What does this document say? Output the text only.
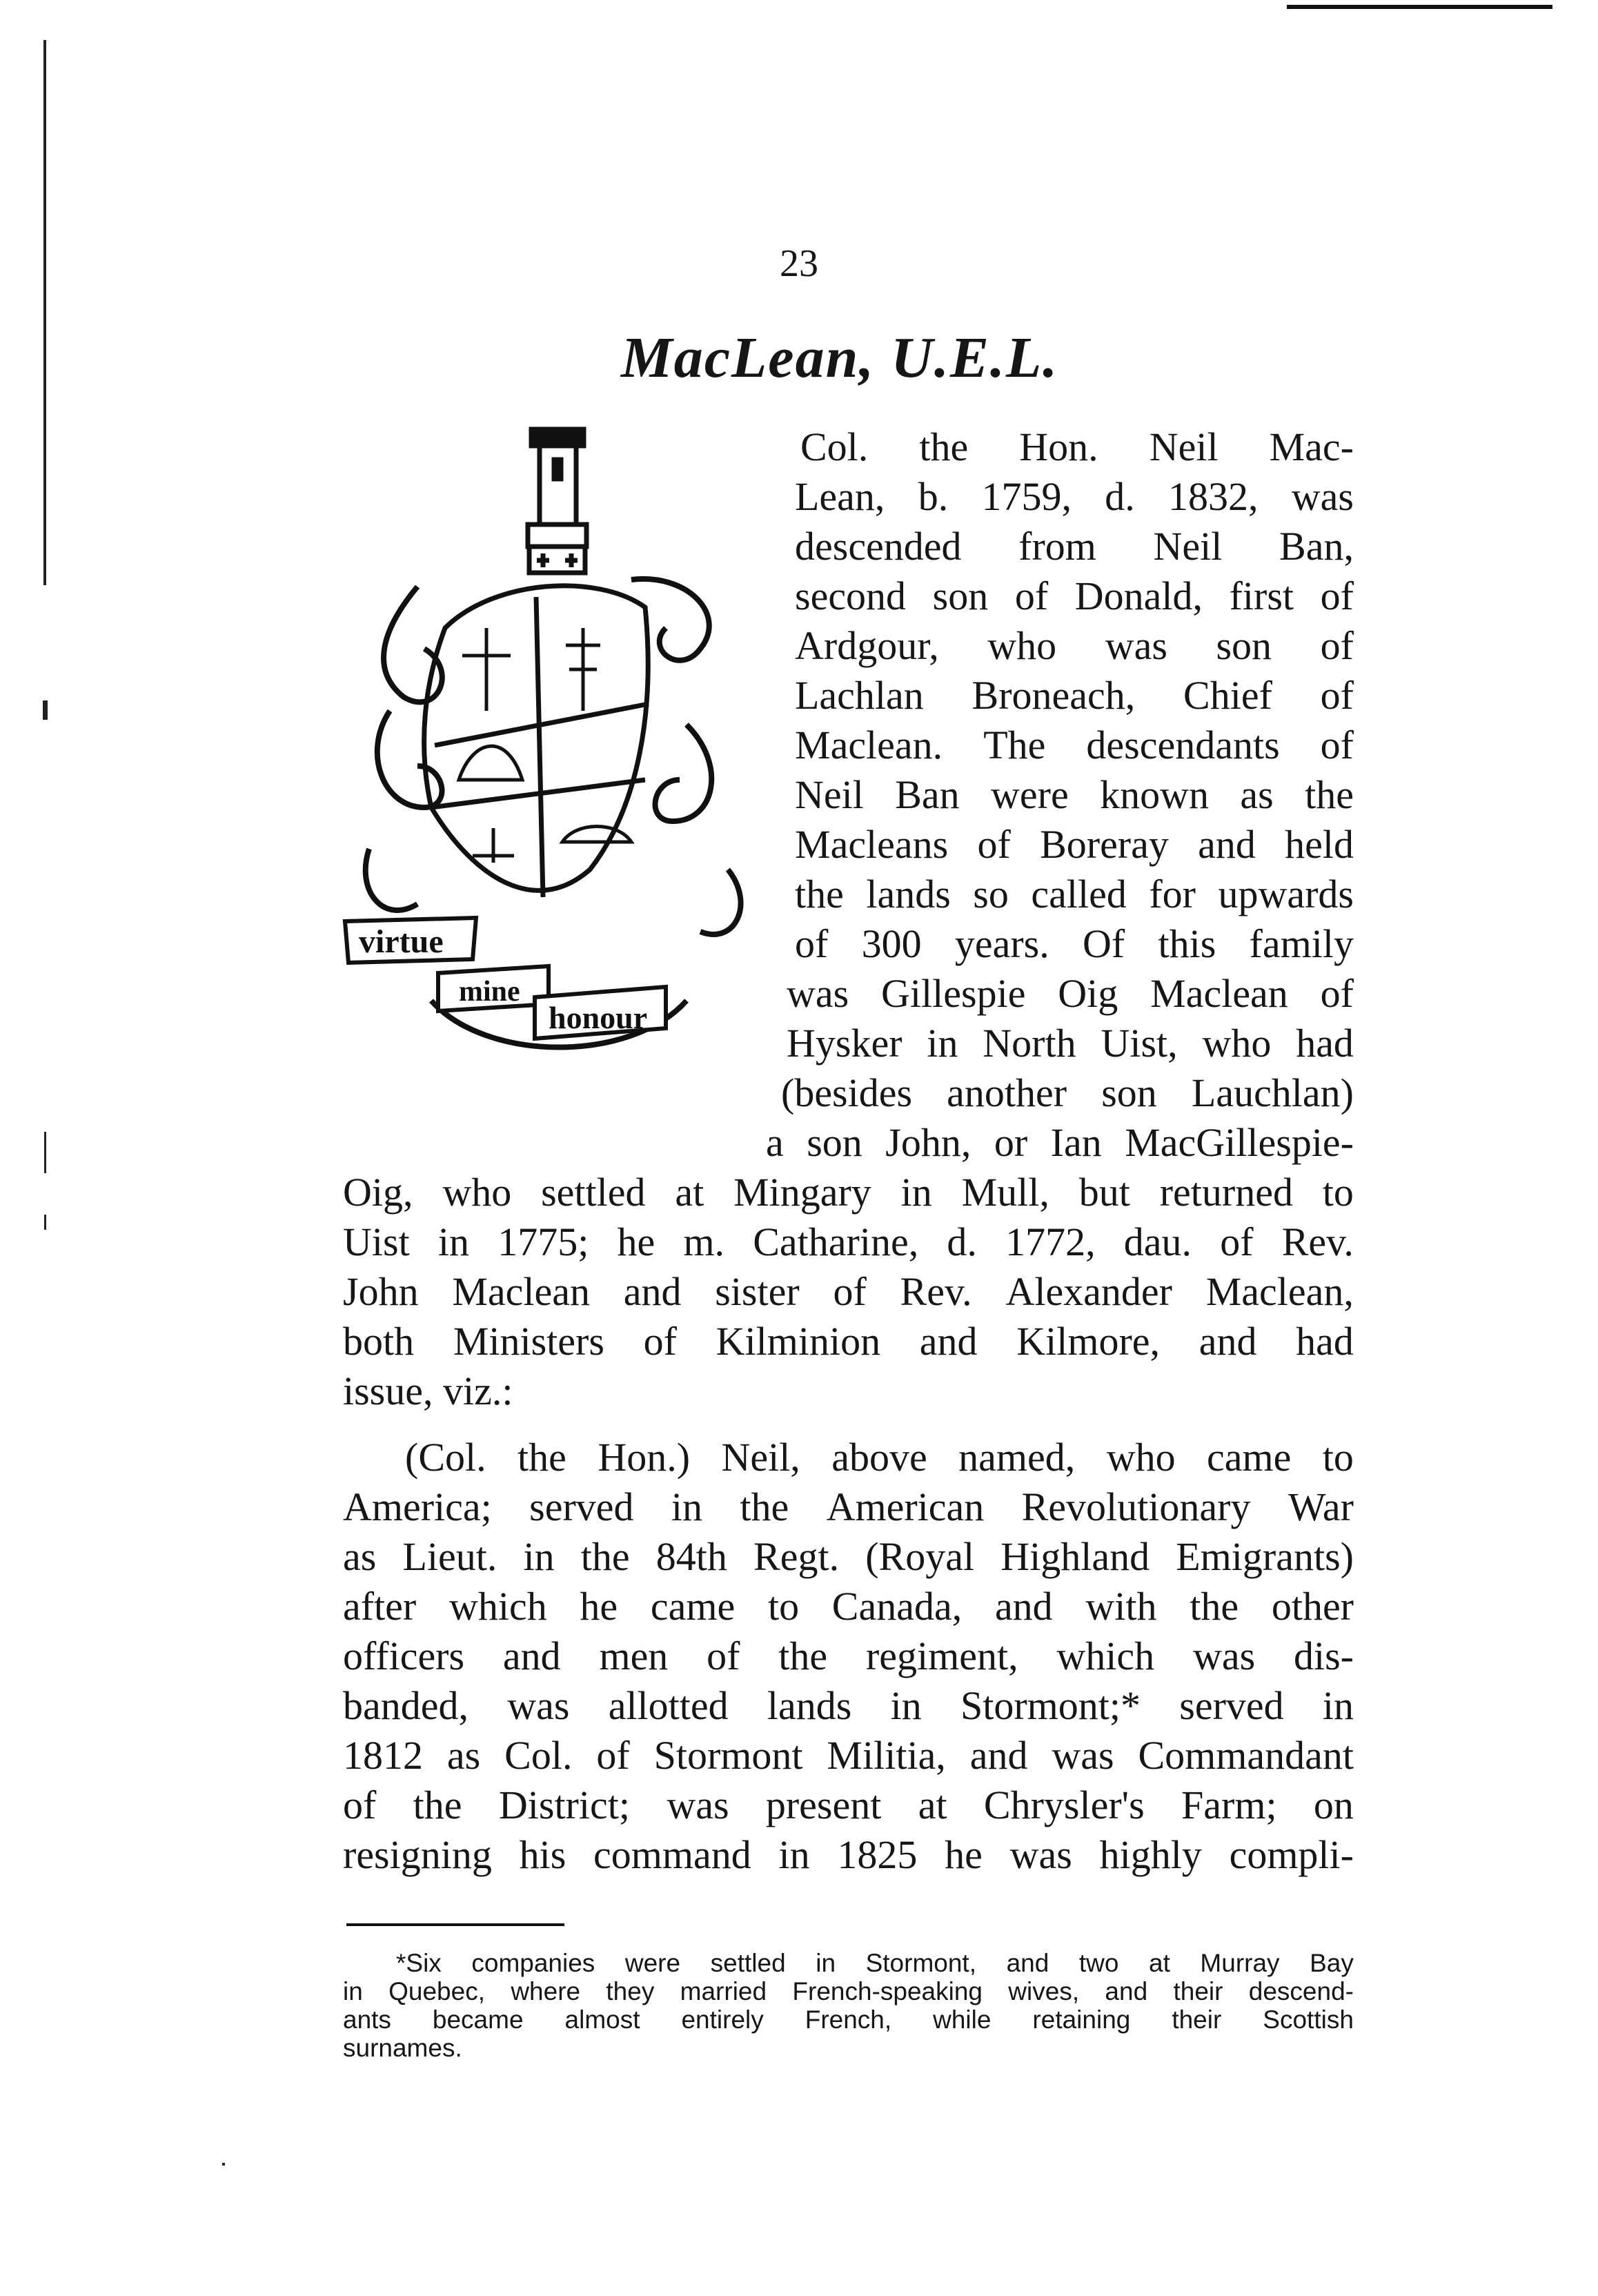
23
MacLean, U.E.L.
virtue
mine
honour
Col. the Hon. Neil Mac-
Lean, b. 1759, d. 1832, was
descended from Neil Ban,
second son of Donald, first of
Ardgour, who was son of
Lachlan Broneach, Chief of
Maclean. The descendants of
Neil Ban were known as the
Macleans of Boreray and held
the lands so called for upwards
of 300 years. Of this family
was Gillespie Oig Maclean of
Hysker in North Uist, who had
(besides another son Lauchlan)
a son John, or Ian MacGillespie-
Oig, who settled at Mingary in Mull, but returned to
Uist in 1775; he m. Catharine, d. 1772, dau. of Rev.
John Maclean and sister of Rev. Alexander Maclean,
both Ministers of Kilminion and Kilmore, and had
issue, viz.:
(Col. the Hon.) Neil, above named, who came to
America; served in the American Revolutionary War
as Lieut. in the 84th Regt. (Royal Highland Emigrants)
after which he came to Canada, and with the other
officers and men of the regiment, which was dis-
banded, was allotted lands in Stormont;* served in
1812 as Col. of Stormont Militia, and was Commandant
of the District; was present at Chrysler's Farm; on
resigning his command in 1825 he was highly compli-
*Six companies were settled in Stormont, and two at Murray Bay
in Quebec, where they married French-speaking wives, and their descend-
ants became almost entirely French, while retaining their Scottish
surnames.
